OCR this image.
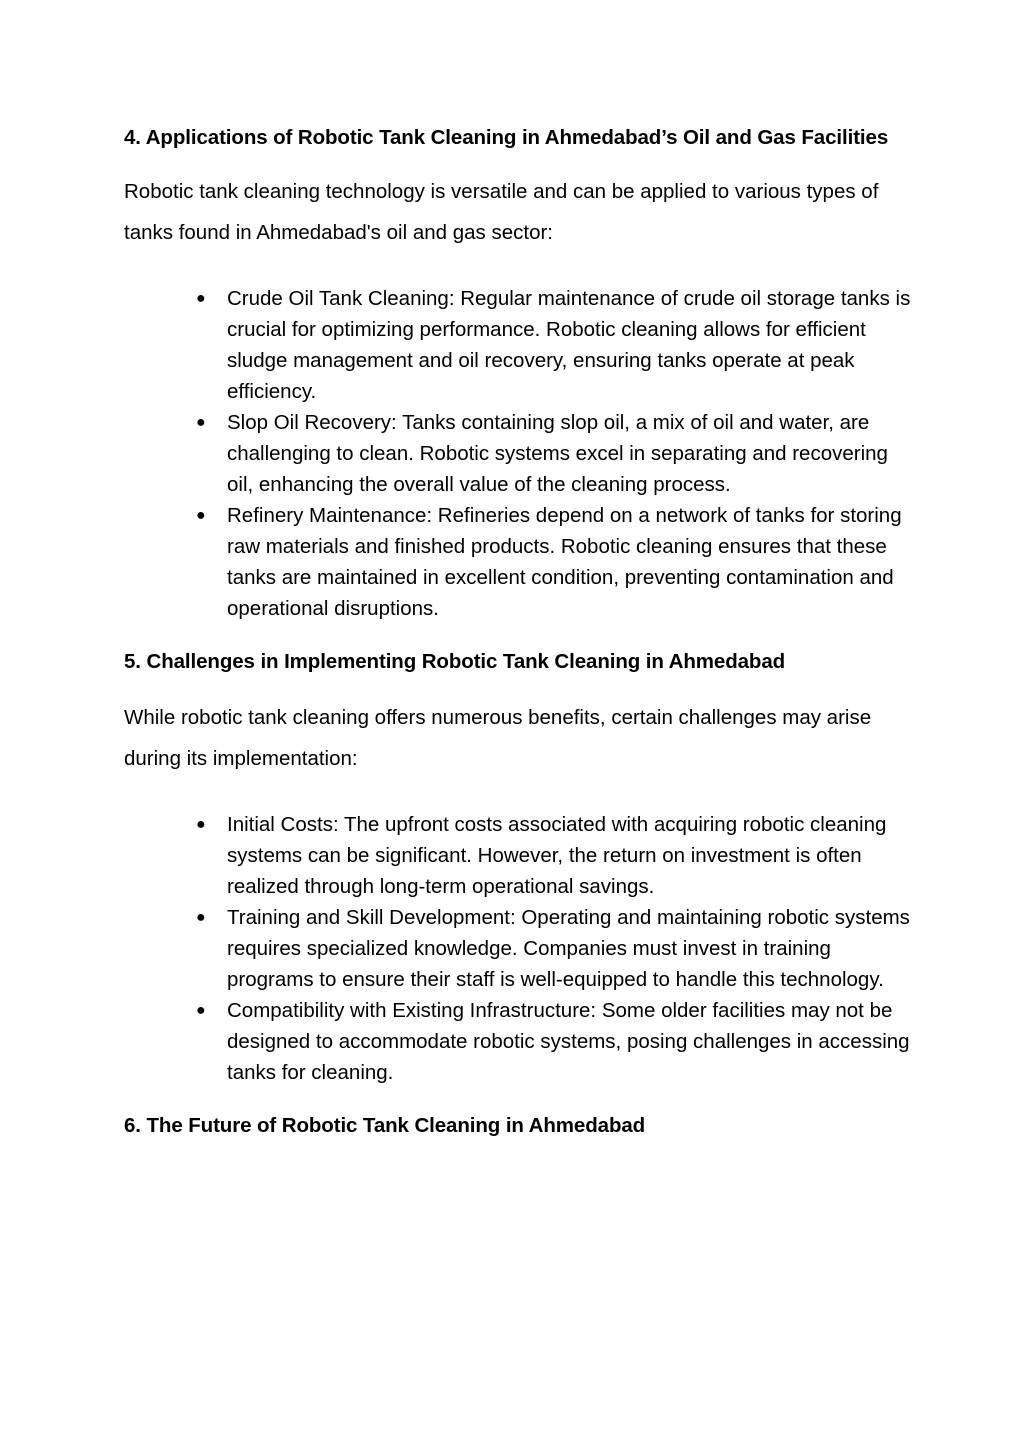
4. Applications of Robotic Tank Cleaning in Ahmedabad’s Oil and Gas Facilities

Robotic tank cleaning technology is versatile and can be applied to various types of tanks found in Ahmedabad's oil and gas sector:

● Crude Oil Tank Cleaning: Regular maintenance of crude oil storage tanks is crucial for optimizing performance. Robotic cleaning allows for efficient sludge management and oil recovery, ensuring tanks operate at peak efficiency.
● Slop Oil Recovery: Tanks containing slop oil, a mix of oil and water, are challenging to clean. Robotic systems excel in separating and recovering oil, enhancing the overall value of the cleaning process.
● Refinery Maintenance: Refineries depend on a network of tanks for storing raw materials and finished products. Robotic cleaning ensures that these tanks are maintained in excellent condition, preventing contamination and operational disruptions.
5. Challenges in Implementing Robotic Tank Cleaning in Ahmedabad

While robotic tank cleaning offers numerous benefits, certain challenges may arise during its implementation:

● Initial Costs: The upfront costs associated with acquiring robotic cleaning systems can be significant. However, the return on investment is often realized through long-term operational savings.
● Training and Skill Development: Operating and maintaining robotic systems requires specialized knowledge. Companies must invest in training programs to ensure their staff is well-equipped to handle this technology.
● Compatibility with Existing Infrastructure: Some older facilities may not be designed to accommodate robotic systems, posing challenges in accessing tanks for cleaning.
6. The Future of Robotic Tank Cleaning in Ahmedabad
